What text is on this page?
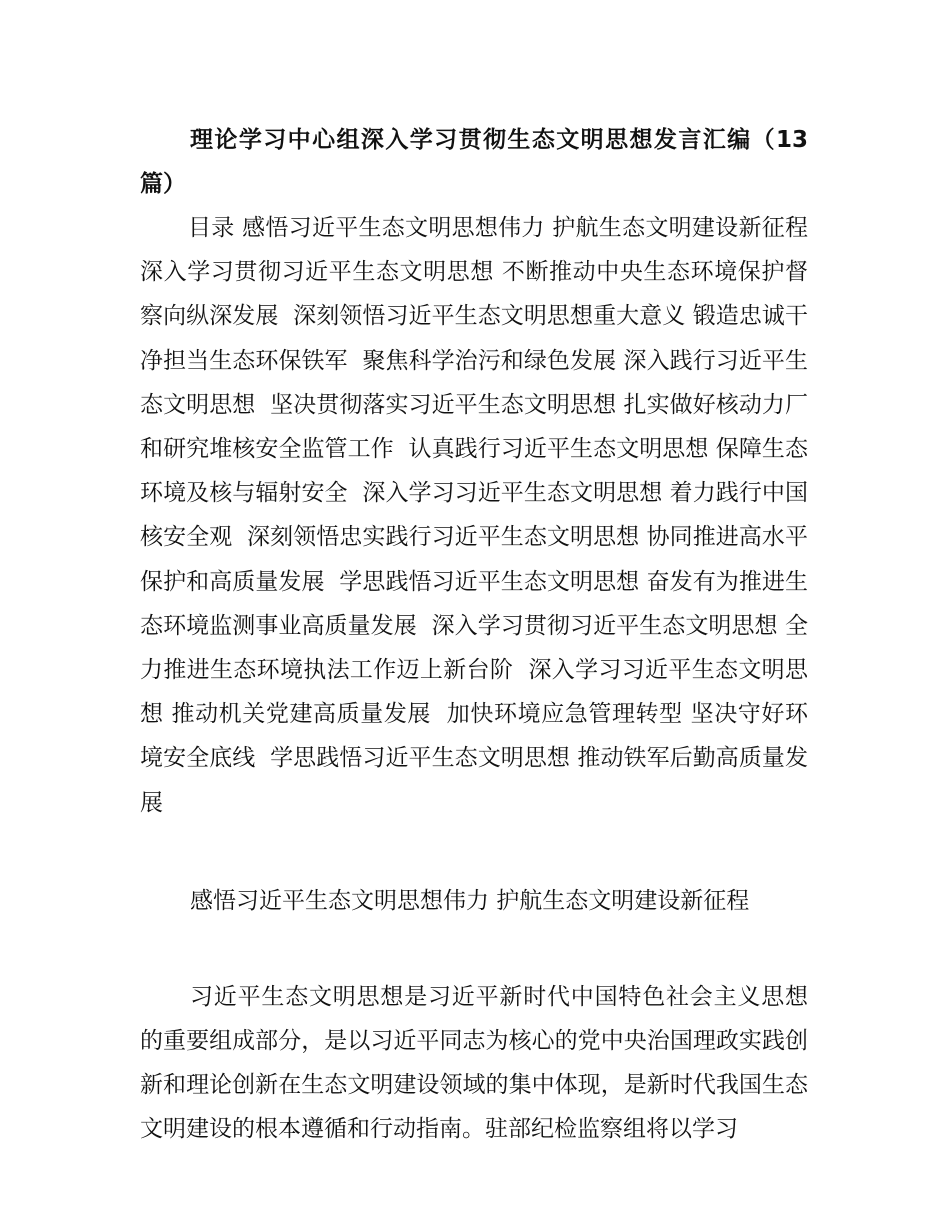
理论学习中心组深入学习贯彻生态文明思想发言汇编（13篇）

目录 感悟习近平生态文明思想伟力 护航生态文明建设新征程  深入学习贯彻习近平生态文明思想 不断推动中央生态环境保护督察向纵深发展  深刻领悟习近平生态文明思想重大意义 锻造忠诚干净担当生态环保铁军  聚焦科学治污和绿色发展 深入践行习近平生态文明思想  坚决贯彻落实习近平生态文明思想 扎实做好核动力厂和研究堆核安全监管工作  认真践行习近平生态文明思想 保障生态环境及核与辐射安全  深入学习习近平生态文明思想 着力践行中国核安全观  深刻领悟忠实践行习近平生态文明思想 协同推进高水平保护和高质量发展  学思践悟习近平生态文明思想 奋发有为推进生态环境监测事业高质量发展  深入学习贯彻习近平生态文明思想 全力推进生态环境执法工作迈上新台阶  深入学习习近平生态文明思想 推动机关党建高质量发展  加快环境应急管理转型 坚决守好环境安全底线  学思践悟习近平生态文明思想 推动铁军后勤高质量发展

感悟习近平生态文明思想伟力 护航生态文明建设新征程

习近平生态文明思想是习近平新时代中国特色社会主义思想的重要组成部分，是以习近平同志为核心的党中央治国理政实践创新和理论创新在生态文明建设领域的集中体现，是新时代我国生态文明建设的根本遵循和行动指南。驻部纪检监察组将以学习
